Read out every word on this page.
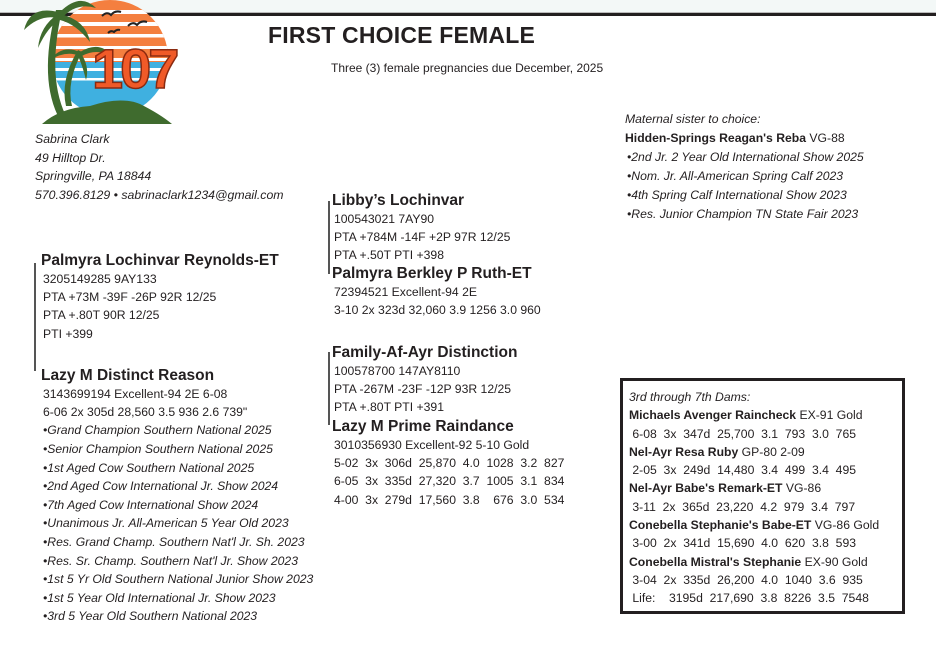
107
FIRST CHOICE FEMALE
Three (3) female pregnancies due December, 2025
Sabrina Clark
49 Hilltop Dr.
Springville, PA 18844
570.396.8129 • sabrinaclark1234@gmail.com
Palmyra Lochinvar Reynolds-ET
3205149285 9AY133
PTA +73M -39F -26P 92R 12/25
PTA +.80T 90R 12/25
PTI +399
Lazy M Distinct Reason
3143699194 Excellent-94 2E 6-08
6-06 2x 305d 28,560 3.5 936 2.6 739"
•Grand Champion Southern National 2025
•Senior Champion Southern National 2025
•1st Aged Cow Southern National 2025
•2nd Aged Cow International Jr. Show 2024
•7th Aged Cow International Show 2024
•Unanimous Jr. All-American 5 Year Old 2023
•Res. Grand Champ. Southern Nat'l Jr. Sh. 2023
•Res. Sr. Champ. Southern Nat'l Jr. Show 2023
•1st 5 Yr Old Southern National Junior Show 2023
•1st 5 Year Old International Jr. Show 2023
•3rd 5 Year Old Southern National 2023
Libby’s Lochinvar
100543021 7AY90
PTA +784M -14F +2P 97R 12/25
PTA +.50T PTI +398
Palmyra Berkley P Ruth-ET
72394521 Excellent-94 2E
3-10 2x 323d 32,060 3.9 1256 3.0 960
Family-Af-Ayr Distinction
100578700 147AY8110
PTA -267M -23F -12P 93R 12/25
PTA +.80T PTI +391
Lazy M Prime Raindance
3010356930 Excellent-92 5-10 Gold
5-02  3x  306d  25,870  4.0  1028  3.2  827
6-05  3x  335d  27,320  3.7  1005  3.1  834
4-00  3x  279d  17,560  3.8    676  3.0  534
Maternal sister to choice:
Hidden-Springs Reagan's Reba VG-88
•2nd Jr. 2 Year Old International Show 2025
•Nom. Jr. All-American Spring Calf 2023
•4th Spring Calf International Show 2023
•Res. Junior Champion TN State Fair 2023
3rd through 7th Dams:
Michaels Avenger Raincheck EX-91 Gold
6-08  3x  347d  25,700  3.1  793  3.0  765
Nel-Ayr Resa Ruby GP-80 2-09
2-05  3x  249d  14,480  3.4  499  3.4  495
Nel-Ayr Babe's Remark-ET VG-86
3-11  2x  365d  23,220  4.2  979  3.4  797
Conebella Stephanie's Babe-ET VG-86 Gold
3-00  2x  341d  15,690  4.0  620  3.8  593
Conebella Mistral's Stephanie EX-90 Gold
3-04  2x  335d  26,200  4.0  1040  3.6  935
Life:    3195d  217,690  3.8  8226  3.5  7548
